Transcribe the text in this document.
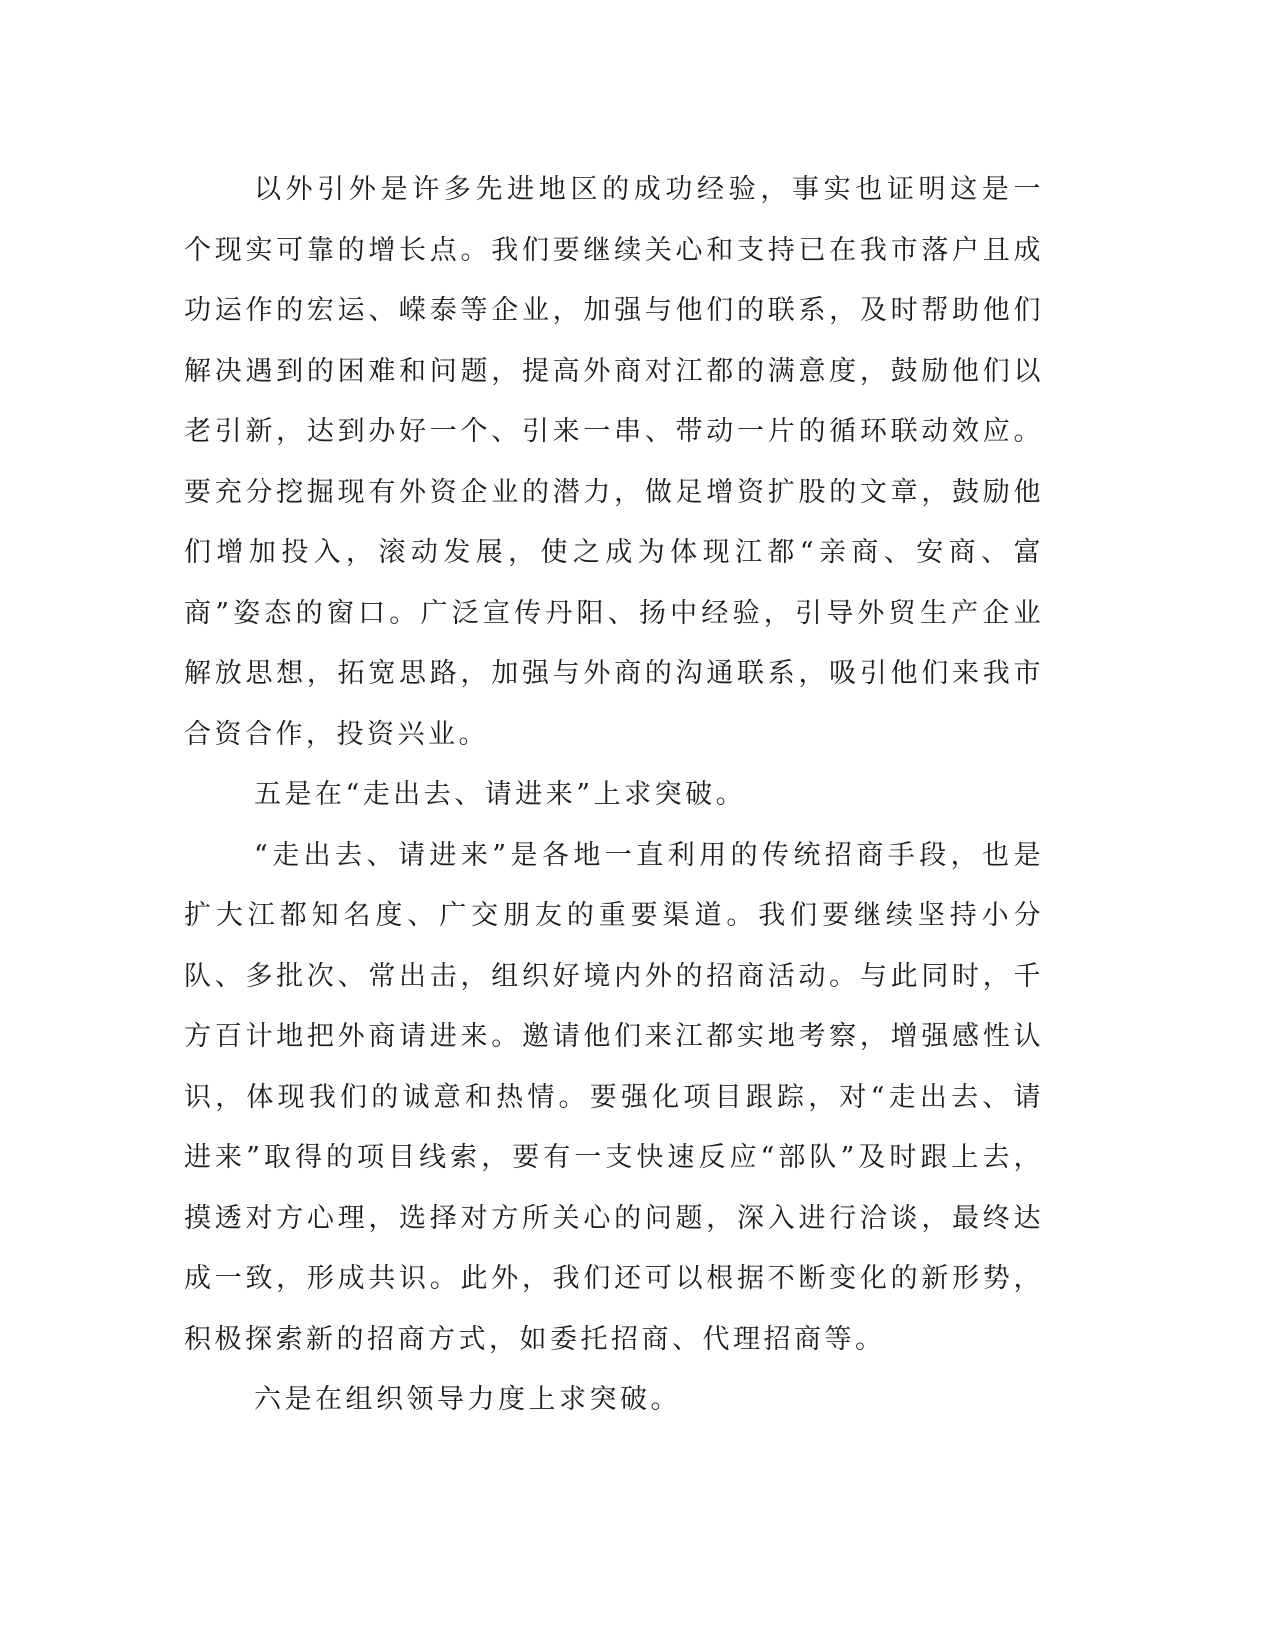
以外引外是许多先进地区的成功经验，事实也证明这是一个现实可靠的增长点。我们要继续关心和支持已在我市落户且成功运作的宏运、嵘泰等企业，加强与他们的联系，及时帮助他们解决遇到的困难和问题，提高外商对江都的满意度，鼓励他们以老引新，达到办好一个、引来一串、带动一片的循环联动效应。要充分挖掘现有外资企业的潜力，做足增资扩股的文章，鼓励他们增加投入，滚动发展，使之成为体现江都“亲商、安商、富商”姿态的窗口。广泛宣传丹阳、扬中经验，引导外贸生产企业解放思想，拓宽思路，加强与外商的沟通联系，吸引他们来我市合资合作，投资兴业。

五是在“走出去、请进来”上求突破。

“走出去、请进来”是各地一直利用的传统招商手段，也是扩大江都知名度、广交朋友的重要渠道。我们要继续坚持小分队、多批次、常出击，组织好境内外的招商活动。与此同时，千方百计地把外商请进来。邀请他们来江都实地考察，增强感性认识，体现我们的诚意和热情。要强化项目跟踪，对“走出去、请进来”取得的项目线索，要有一支快速反应“部队”及时跟上去，摸透对方心理，选择对方所关心的问题，深入进行洽谈，最终达成一致，形成共识。此外，我们还可以根据不断变化的新形势，积极探索新的招商方式，如委托招商、代理招商等。

六是在组织领导力度上求突破。
